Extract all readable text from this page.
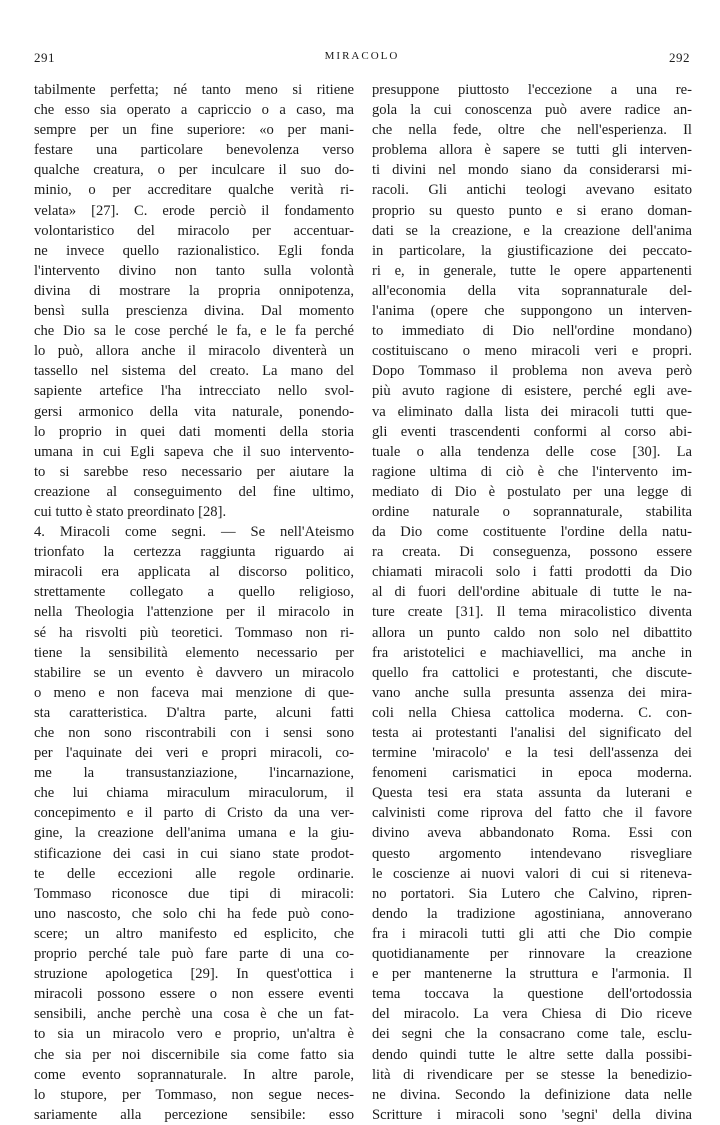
291	MIRACOLO	292
tabilmente perfetta; né tanto meno si ritiene
che esso sia operato a capriccio o a caso, ma
sempre per un fine superiore: «o per mani-
festare una particolare benevolenza verso
qualche creatura, o per inculcare il suo do-
minio, o per accreditare qualche verità ri-
velata» [27]. C. erode perciò il fondamento
volontaristico del miracolo per accentuar-
ne invece quello razionalistico. Egli fonda
l'intervento divino non tanto sulla volontà
divina di mostrare la propria onnipotenza,
bensì sulla prescienza divina. Dal momento
che Dio sa le cose perché le fa, e le fa perché
lo può, allora anche il miracolo diventerà un
tassello nel sistema del creato. La mano del
sapiente artefice l'ha intrecciato nello svol-
gersi armonico della vita naturale, ponendo-
lo proprio in quei dati momenti della storia
umana in cui Egli sapeva che il suo intervento-
to si sarebbe reso necessario per aiutare la
creazione al conseguimento del fine ultimo,
cui tutto è stato preordinato [28].
4. Miracoli come segni. — Se nell'Ateismo
trionfato la certezza raggiunta riguardo ai
miracoli era applicata al discorso politico,
strettamente collegato a quello religioso,
nella Theologia l'attenzione per il miracolo in
sé ha risvolti più teoretici. Tommaso non ri-
tiene la sensibilità elemento necessario per
stabilire se un evento è davvero un miracolo
o meno e non faceva mai menzione di que-
sta caratteristica. D'altra parte, alcuni fatti
che non sono riscontrabili con i sensi sono
per l'aquinate dei veri e propri miracoli, co-
me la transustanziazione, l'incarnazione,
che lui chiama miraculum miraculorum, il
concepimento e il parto di Cristo da una ver-
gine, la creazione dell'anima umana e la giu-
stificazione dei casi in cui siano state prodot-
te delle eccezioni alle regole ordinarie.
Tommaso riconosce due tipi di miracoli:
uno nascosto, che solo chi ha fede può cono-
scere; un altro manifesto ed esplicito, che
proprio perché tale può fare parte di una co-
struzione apologetica [29]. In quest'ottica i
miracoli possono essere o non essere eventi
sensibili, anche perchè una cosa è che un fat-
to sia un miracolo vero e proprio, un'altra è
che sia per noi discernibile sia come fatto sia
come evento soprannaturale. In altre parole,
lo stupore, per Tommaso, non segue neces-
sariamente alla percezione sensibile: esso
presuppone piuttosto l'eccezione a una re-
gola la cui conoscenza può avere radice an-
che nella fede, oltre che nell'esperienza. Il
problema allora è sapere se tutti gli interven-
ti divini nel mondo siano da considerarsi mi-
racoli. Gli antichi teologi avevano esitato
proprio su questo punto e si erano doman-
dati se la creazione, e la creazione dell'anima
in particolare, la giustificazione dei peccato-
ri e, in generale, tutte le opere appartenenti
all'economia della vita soprannaturale del-
l'anima (opere che suppongono un interven-
to immediato di Dio nell'ordine mondano)
costituiscano o meno miracoli veri e propri.
Dopo Tommaso il problema non aveva però
più avuto ragione di esistere, perché egli ave-
va eliminato dalla lista dei miracoli tutti que-
gli eventi trascendenti conformi al corso abi-
tuale o alla tendenza delle cose [30]. La
ragione ultima di ciò è che l'intervento im-
mediato di Dio è postulato per una legge di
ordine naturale o soprannaturale, stabilita
da Dio come costituente l'ordine della natu-
ra creata. Di conseguenza, possono essere
chiamati miracoli solo i fatti prodotti da Dio
al di fuori dell'ordine abituale di tutte le na-
ture create [31]. Il tema miracolistico diventa
allora un punto caldo non solo nel dibattito
fra aristotelici e machiavellici, ma anche in
quello fra cattolici e protestanti, che discute-
vano anche sulla presunta assenza dei mira-
coli nella Chiesa cattolica moderna. C. con-
testa ai protestanti l'analisi del significato del
termine 'miracolo' e la tesi dell'assenza dei
fenomeni carismatici in epoca moderna.
Questa tesi era stata assunta da luterani e
calvinisti come riprova del fatto che il favore
divino aveva abbandonato Roma. Essi con
questo argomento intendevano risvegliare
le coscienze ai nuovi valori di cui si riteneva-
no portatori. Sia Lutero che Calvino, ripren-
dendo la tradizione agostiniana, annoverano
fra i miracoli tutti gli atti che Dio compie
quotidianamente per rinnovare la creazione
e per mantenerne la struttura e l'armonia. Il
tema toccava la questione dell'ortodossia
del miracolo. La vera Chiesa di Dio riceve
dei segni che la consacrano come tale, esclu-
dendo quindi tutte le altre sette dalla possibi-
lità di rivendicare per se stesse la benedizio-
ne divina. Secondo la definizione data nelle
Scritture i miracoli sono 'segni' della divina
